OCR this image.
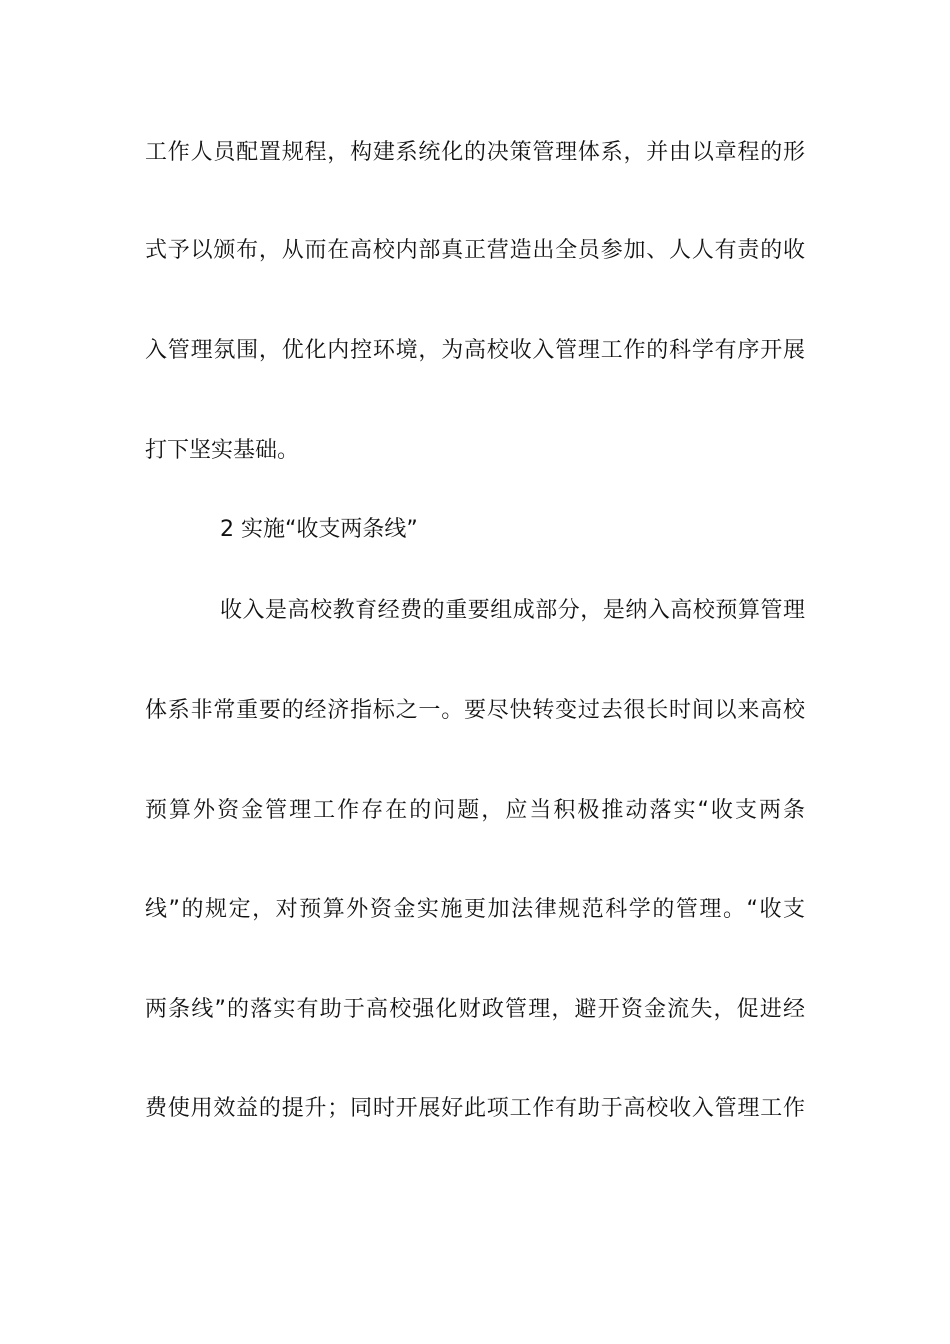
工作人员配置规程，构建系统化的决策管理体系，并由以章程的形
式予以颁布，从而在高校内部真正营造出全员参加、人人有责的收
入管理氛围，优化内控环境，为高校收入管理工作的科学有序开展
打下坚实基础。
2 实施“收支两条线”
收入是高校教育经费的重要组成部分，是纳入高校预算管理
体系非常重要的经济指标之一。要尽快转变过去很长时间以来高校
预算外资金管理工作存在的问题，应当积极推动落实“收支两条
线”的规定，对预算外资金实施更加法律规范科学的管理。“收支
两条线”的落实有助于高校强化财政管理，避开资金流失，促进经
费使用效益的提升；同时开展好此项工作有助于高校收入管理工作
